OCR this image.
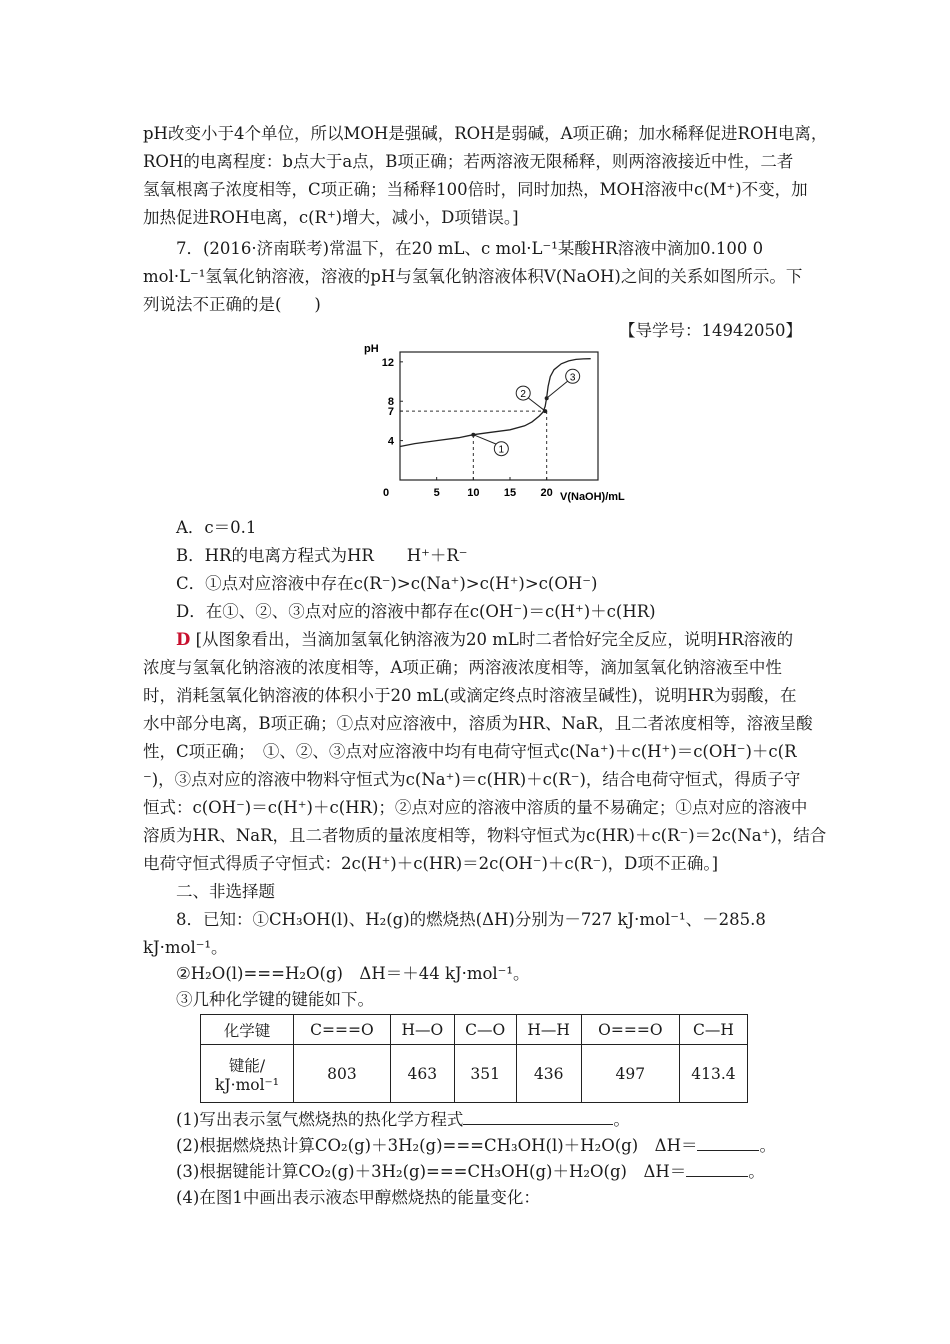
pH改变小于4个单位，所以MOH是强碱，ROH是弱碱，A项正确；加水稀释促进ROH电离，
ROH的电离程度：b点大于a点，B项正确；若两溶液无限稀释，则两溶液接近中性，二者
氢氧根离子浓度相等，C项正确；当稀释100倍时，同时加热，MOH溶液中c(M⁺)不变，加
加热促进ROH电离，c(R⁺)增大，减小，D项错误。]
7．(2016·济南联考)常温下，在20 mL、c mol·L⁻¹某酸HR溶液中滴加0.100 0
mol·L⁻¹氢氧化钠溶液，溶液的pH与氢氧化钠溶液体积V(NaOH)之间的关系如图所示。下
列说法不正确的是(　　)
【导学号：14942050】
0	5 10 15 20
4
7
8
12
1
2
3
pH
V(NaOH)/mL
A．c＝0.1
B．HR的电离方程式为HR　　H⁺＋R⁻
C．①点对应溶液中存在c(R⁻)>c(Na⁺)>c(H⁺)>c(OH⁻)
D．在①、②、③点对应的溶液中都存在c(OH⁻)＝c(H⁺)＋c(HR)
D [从图象看出，当滴加氢氧化钠溶液为20 mL时二者恰好完全反应，说明HR溶液的
浓度与氢氧化钠溶液的浓度相等，A项正确；两溶液浓度相等，滴加氢氧化钠溶液至中性
时，消耗氢氧化钠溶液的体积小于20 mL(或滴定终点时溶液呈碱性)，说明HR为弱酸，在
水中部分电离，B项正确；①点对应溶液中，溶质为HR、NaR，且二者浓度相等，溶液呈酸
性，C项正确；　①、②、③点对应溶液中均有电荷守恒式c(Na⁺)＋c(H⁺)＝c(OH⁻)＋c(R
⁻)，③点对应的溶液中物料守恒式为c(Na⁺)＝c(HR)＋c(R⁻)，结合电荷守恒式，得质子守
恒式：c(OH⁻)＝c(H⁺)＋c(HR)；②点对应的溶液中溶质的量不易确定；①点对应的溶液中
溶质为HR、NaR，且二者物质的量浓度相等，物料守恒式为c(HR)＋c(R⁻)＝2c(Na⁺)，结合
电荷守恒式得质子守恒式：2c(H⁺)＋c(HR)＝2c(OH⁻)＋c(R⁻)，D项不正确。]
二、非选择题
8．已知：①CH₃OH(l)、H₂(g)的燃烧热(ΔH)分别为－727 kJ·mol⁻¹、－285.8
kJ·mol⁻¹。
②H₂O(l)===H₂O(g)　ΔH＝＋44 kJ·mol⁻¹。
③几种化学键的键能如下。
化学键	C===O	H—O	C—O	H—H	O===O	C—H

键能/
kJ·mol⁻¹	803	463	351	436	497	413.4
(1)写出表示氢气燃烧热的热化学方程式	。
(2)根据燃烧热计算CO₂(g)＋3H₂(g)===CH₃OH(l)＋H₂O(g)　ΔH＝	。
(3)根据键能计算CO₂(g)＋3H₂(g)===CH₃OH(g)＋H₂O(g)　ΔH＝	。
(4)在图1中画出表示液态甲醇燃烧热的能量变化：
